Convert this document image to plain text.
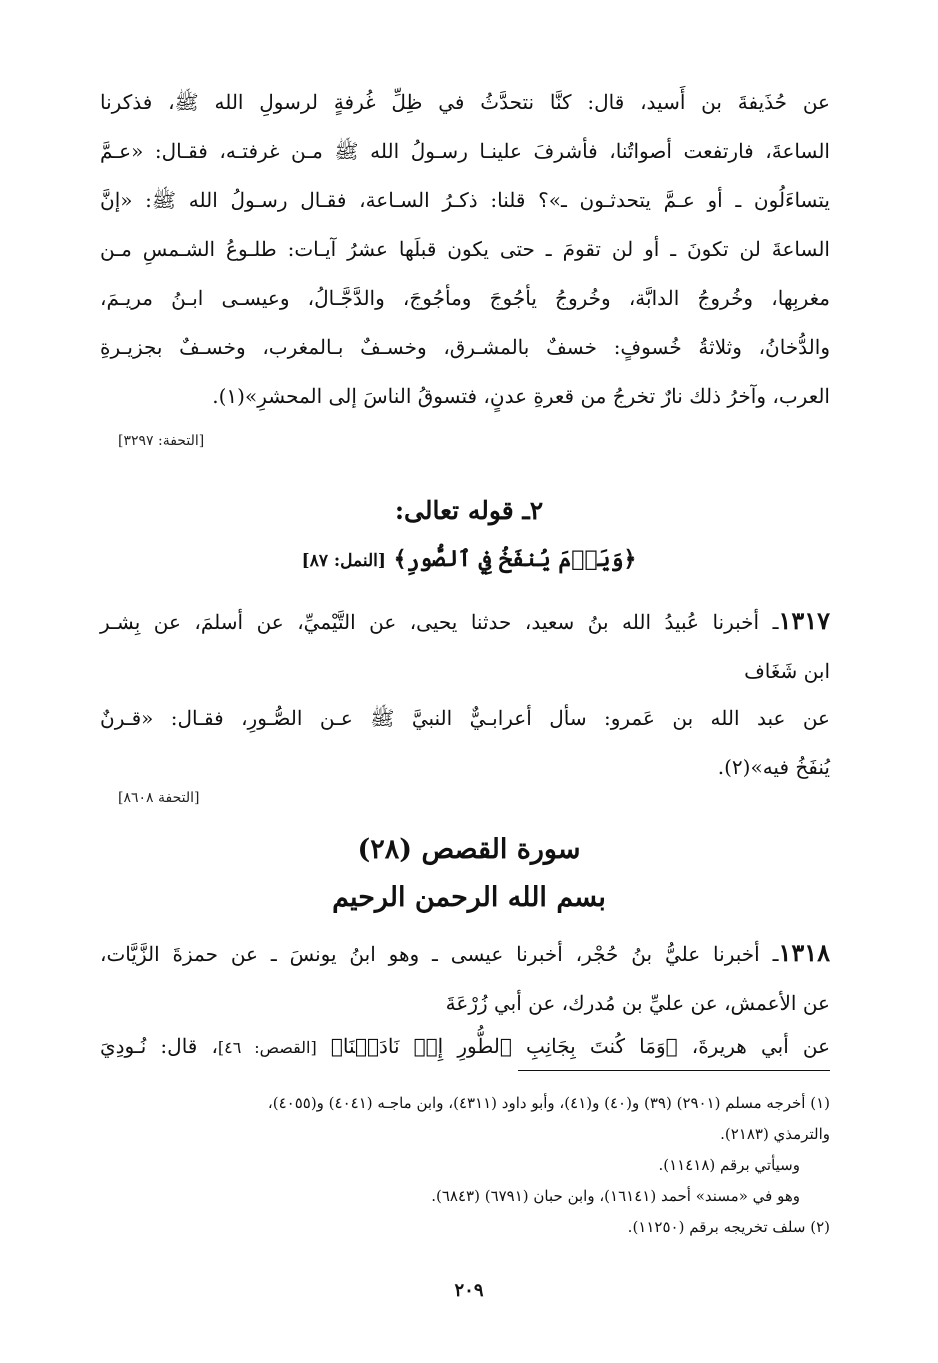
عن حُذَيفةَ بن أَسيد، قال: كنَّا نتحدَّثُ في ظِلِّ غُرفةٍ لرسولِ الله ﷺ، فذكرنا
الساعةَ، فارتفعت أصواتُنا، فأشرفَ علينـا رسـولُ الله ﷺ مـن غرفتـه، فقـال: «عـمَّ
يتساءَلُون ـ أو عـمَّ يتحدثـون ـ»؟ قلنا: ذكـرُ السـاعة، فقـال رسـولُ الله ﷺ: «إنَّ
الساعةَ لن تكونَ ـ أو لن تقومَ ـ حتى يكون قبلَها عشرُ آيـات: طلـوعُ الشـمسِ مـن
مغربِها، وخُروجُ الدابَّة، وخُروجُ يأجُوجَ ومأجُوجَ، والدَّجَّـالُ، وعيسـى ابـنُ مريـمَ،
والدُّخانُ، وثلاثةُ خُسوفٍ: خسفٌ بالمشـرق، وخسـفٌ بـالمغرب، وخسـفٌ بجزيـرةِ
العرب، وآخرُ ذلك نارٌ تخرجُ من قعرةِ عدنٍ، فتسوقُ الناسَ إلى المحشرِ»(١).
[التحفة: ٣٢٩٧]
٢ـ قوله تعالى:
﴿وَيَوۡمَ يُنفَخُ فِي ٱلصُّورِ﴾ [النمل: ٨٧]
١٣١٧ـ أخبرنا عُبيدُ الله بنُ سعيد، حدثنا يحيى، عن التَّيْميِّ، عن أسلمَ، عن بِشـر
ابن شَغَاف
عن عبد الله بن عَمرو: سأل أعرابـيٌّ النبيَّ ﷺ عـن الصُّـورِ، فقـال: «قـرنٌ
يُنفَخُ فيه»(٢).
[التحفة ٨٦٠٨]
سورة القصص (٢٨)
بسم الله الرحمن الرحيم
١٣١٨ـ أخبرنا عليُّ بنُ حُجْر، أخبرنا عيسى ـ وهو ابنُ يونسَ ـ عن حمزةَ الزَّيَّات،
عن الأعمش، عن عليِّ بن مُدرك، عن أبي زُرْعَةَ
عن أبي هريرةَ، ﴿وَمَا كُنتَ بِجَانِبِ ٱلطُّورِ إِذۡ نَادَيۡنَا﴾ [القصص: ٤٦]، قال: نُـودِيَ
(١) أخرجه مسلم (٢٩٠١) (٣٩) و(٤٠) و(٤١)، وأبو داود (٤٣١١)، وابن ماجـه (٤٠٤١) و(٤٠٥٥)،
والترمذي (٢١٨٣).
وسيأتي برقم (١١٤١٨).
وهو في «مسند» أحمد (١٦١٤١)، وابن حبان (٦٧٩١) (٦٨٤٣).
(٢) سلف تخريجه برقم (١١٢٥٠).
٢٠٩
